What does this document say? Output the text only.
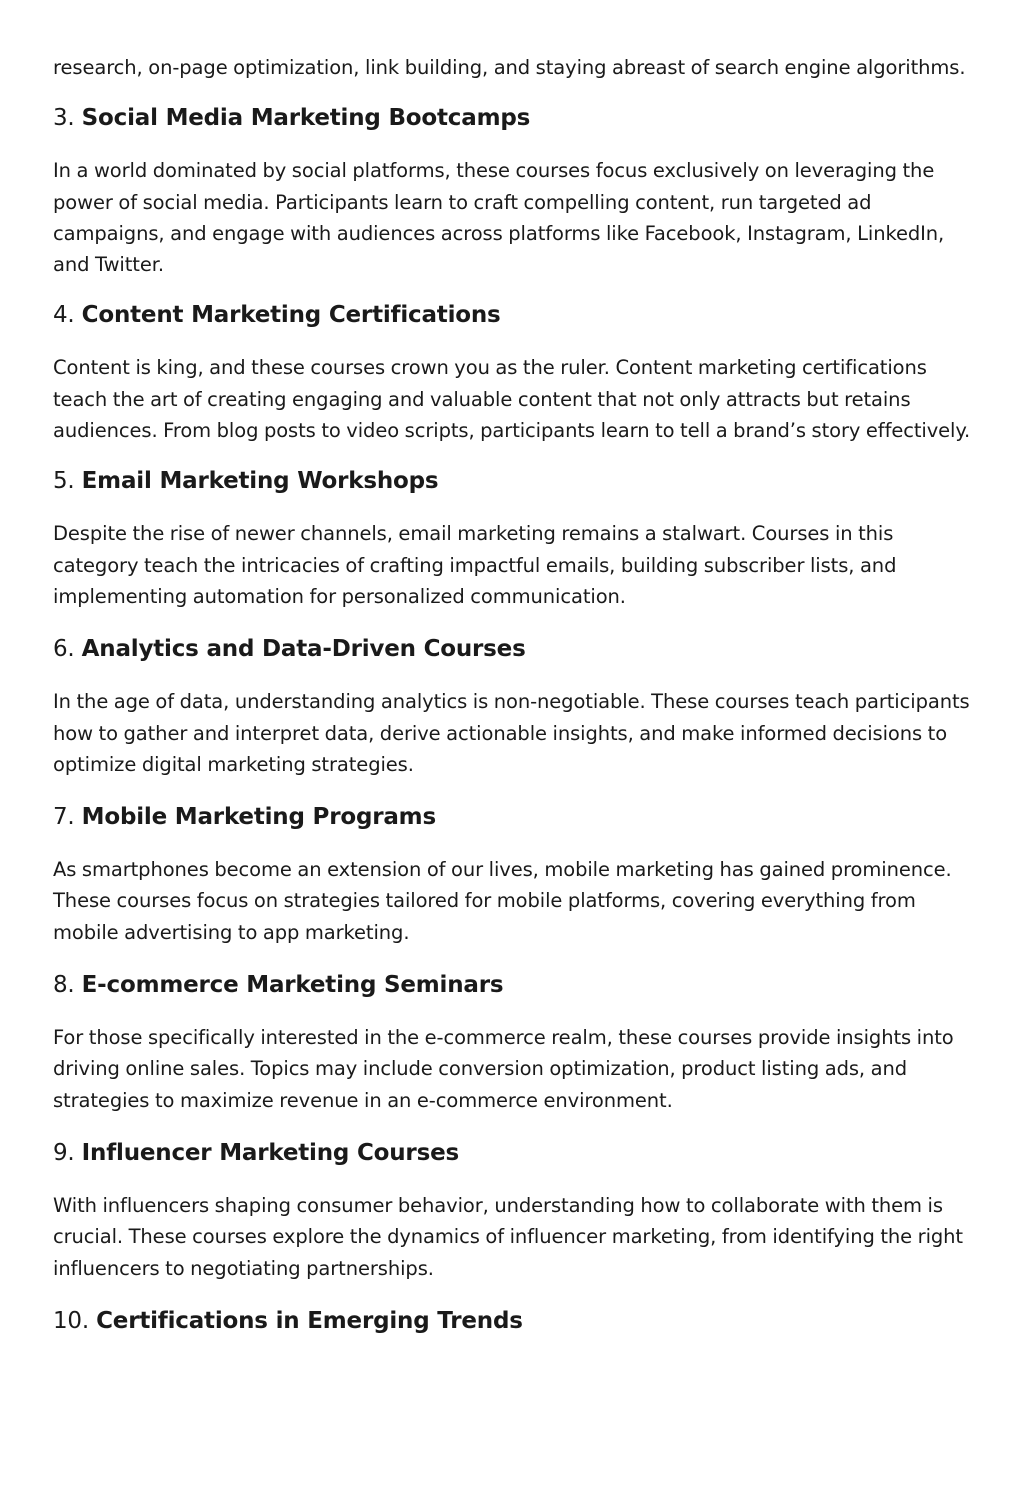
research, on-page optimization, link building, and staying abreast of search engine algorithms.

3. Social Media Marketing Bootcamps

In a world dominated by social platforms, these courses focus exclusively on leveraging the power of social media. Participants learn to craft compelling content, run targeted ad campaigns, and engage with audiences across platforms like Facebook, Instagram, LinkedIn, and Twitter.

4. Content Marketing Certifications

Content is king, and these courses crown you as the ruler. Content marketing certifications teach the art of creating engaging and valuable content that not only attracts but retains audiences. From blog posts to video scripts, participants learn to tell a brand’s story effectively.

5. Email Marketing Workshops

Despite the rise of newer channels, email marketing remains a stalwart. Courses in this category teach the intricacies of crafting impactful emails, building subscriber lists, and implementing automation for personalized communication.

6. Analytics and Data-Driven Courses

In the age of data, understanding analytics is non-negotiable. These courses teach participants how to gather and interpret data, derive actionable insights, and make informed decisions to optimize digital marketing strategies.

7. Mobile Marketing Programs

As smartphones become an extension of our lives, mobile marketing has gained prominence. These courses focus on strategies tailored for mobile platforms, covering everything from mobile advertising to app marketing.

8. E-commerce Marketing Seminars

For those specifically interested in the e-commerce realm, these courses provide insights into driving online sales. Topics may include conversion optimization, product listing ads, and strategies to maximize revenue in an e-commerce environment.

9. Influencer Marketing Courses

With influencers shaping consumer behavior, understanding how to collaborate with them is crucial. These courses explore the dynamics of influencer marketing, from identifying the right influencers to negotiating partnerships.

10. Certifications in Emerging Trends
